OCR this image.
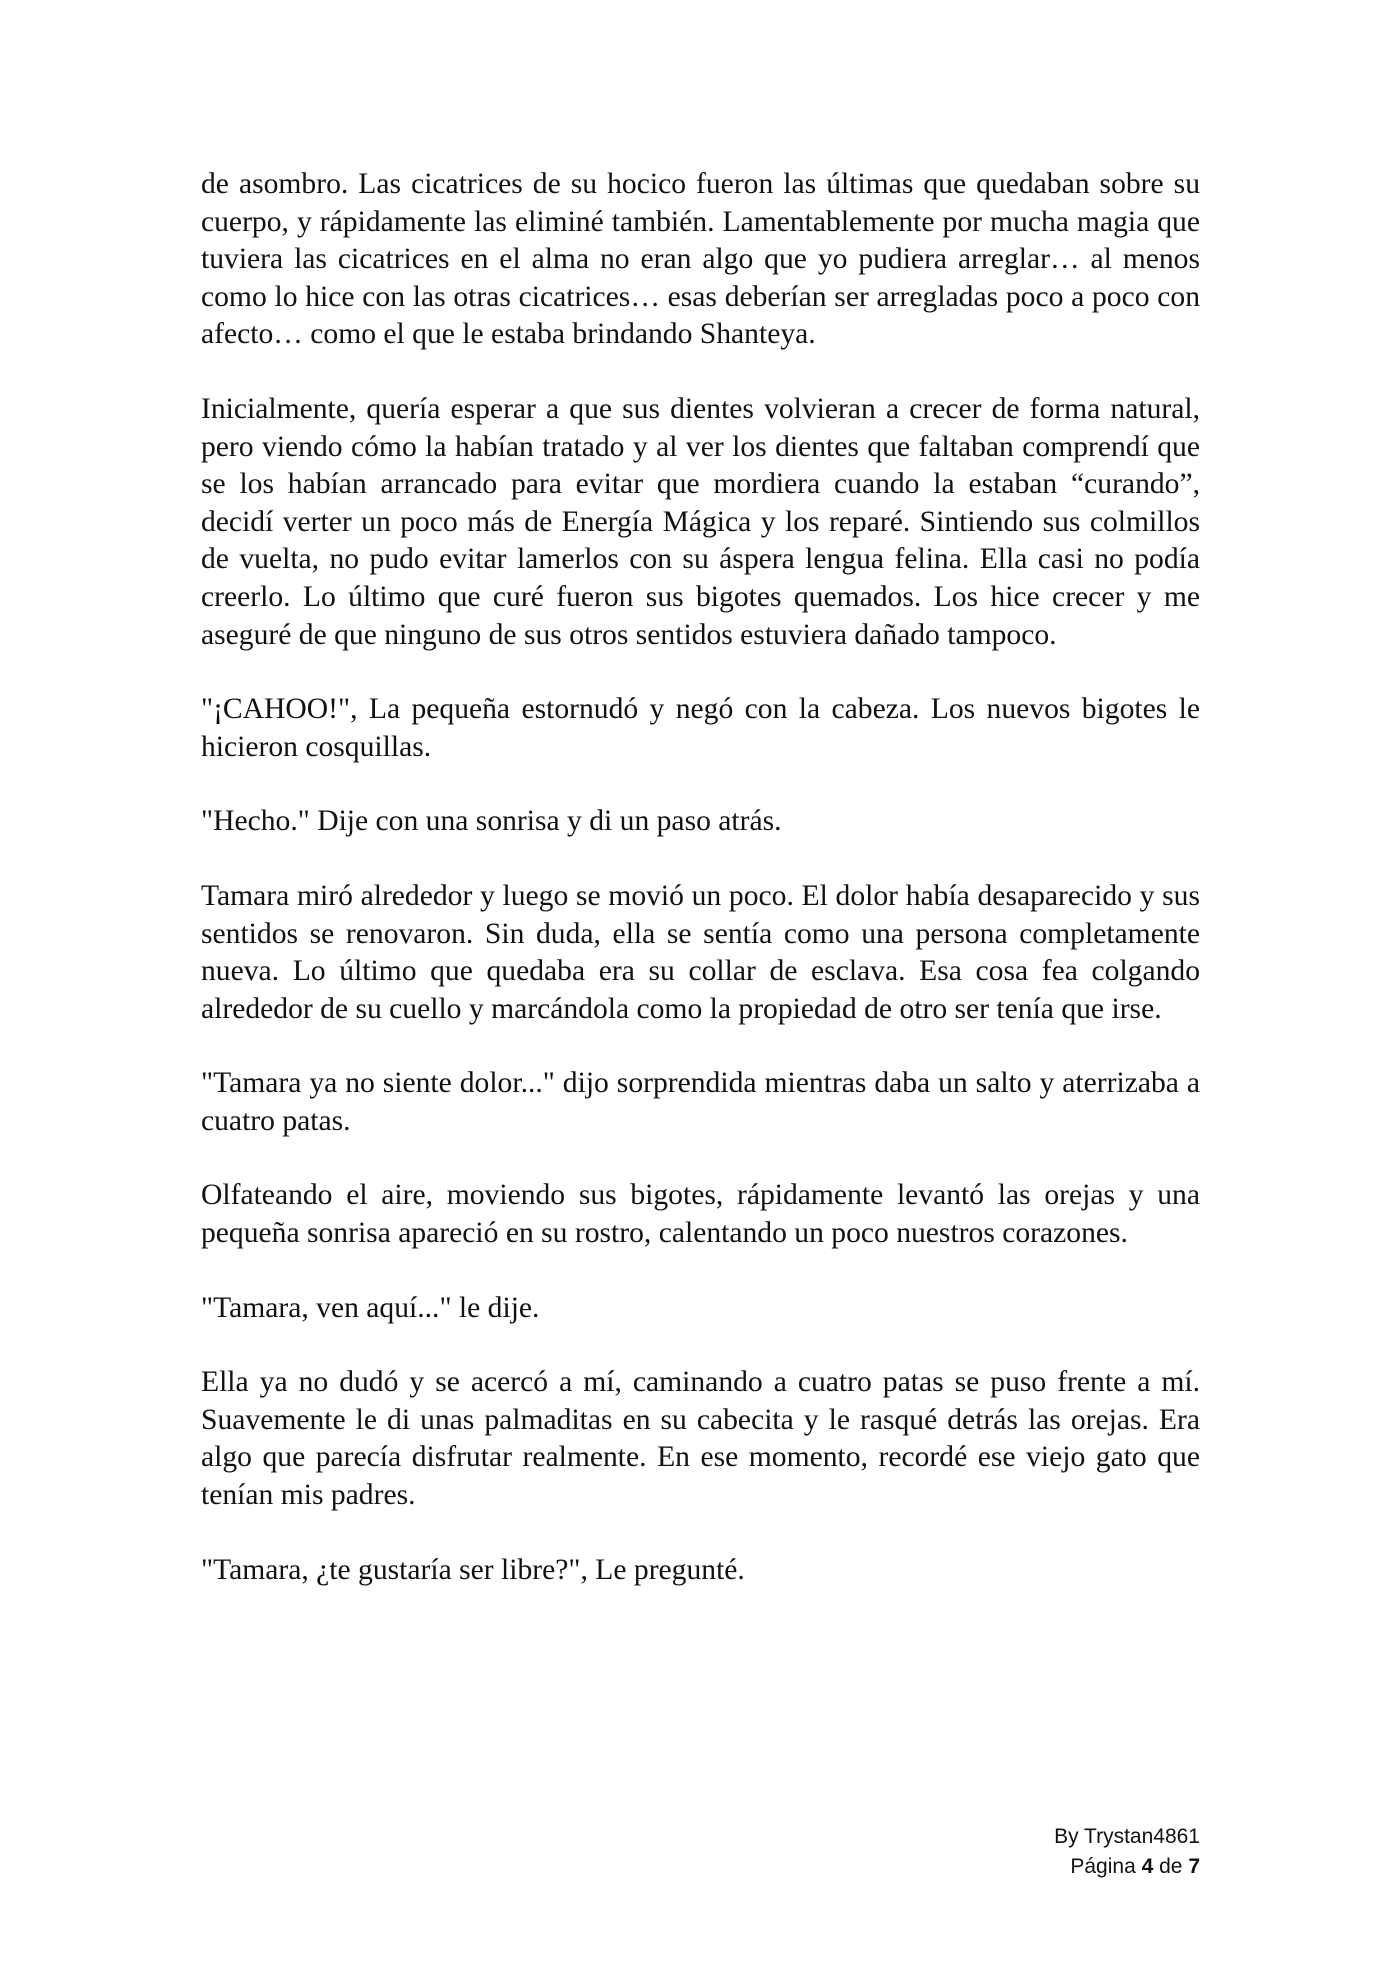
de asombro. Las cicatrices de su hocico fueron las últimas que quedaban sobre su cuerpo, y rápidamente las eliminé también. Lamentablemente por mucha magia que tuviera las cicatrices en el alma no eran algo que yo pudiera arreglar… al menos como lo hice con las otras cicatrices… esas deberían ser arregladas poco a poco con afecto… como el que le estaba brindando Shanteya.

Inicialmente, quería esperar a que sus dientes volvieran a crecer de forma natural, pero viendo cómo la habían tratado y al ver los dientes que faltaban comprendí que se los habían arrancado para evitar que mordiera cuando la estaban “curando”, decidí verter un poco más de Energía Mágica y los reparé. Sintiendo sus colmillos de vuelta, no pudo evitar lamerlos con su áspera lengua felina. Ella casi no podía creerlo. Lo último que curé fueron sus bigotes quemados. Los hice crecer y me aseguré de que ninguno de sus otros sentidos estuviera dañado tampoco.

"¡CAHOO!", La pequeña estornudó y negó con la cabeza. Los nuevos bigotes le hicieron cosquillas.

"Hecho." Dije con una sonrisa y di un paso atrás.

Tamara miró alrededor y luego se movió un poco. El dolor había desaparecido y sus sentidos se renovaron. Sin duda, ella se sentía como una persona completamente nueva. Lo último que quedaba era su collar de esclava. Esa cosa fea colgando alrededor de su cuello y marcándola como la propiedad de otro ser tenía que irse.

"Tamara ya no siente dolor..." dijo sorprendida mientras daba un salto y aterrizaba a cuatro patas.

Olfateando el aire, moviendo sus bigotes, rápidamente levantó las orejas y una pequeña sonrisa apareció en su rostro, calentando un poco nuestros corazones.

"Tamara, ven aquí..." le dije.

Ella ya no dudó y se acercó a mí, caminando a cuatro patas se puso frente a mí. Suavemente le di unas palmaditas en su cabecita y le rasqué detrás las orejas. Era algo que parecía disfrutar realmente. En ese momento, recordé ese viejo gato que tenían mis padres.

"Tamara, ¿te gustaría ser libre?", Le pregunté.

By Trystan4861
Página 4 de 7
